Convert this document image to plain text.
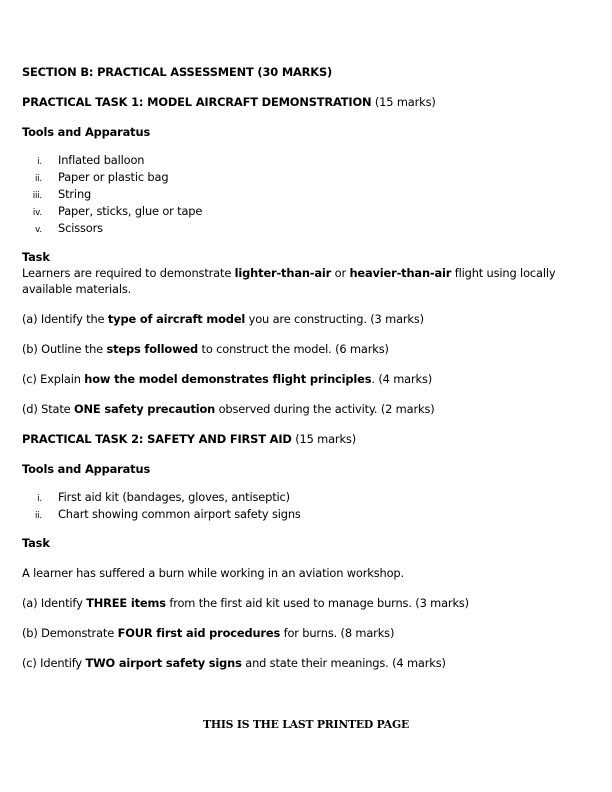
SECTION B: PRACTICAL ASSESSMENT (30 MARKS)

PRACTICAL TASK 1: MODEL AIRCRAFT DEMONSTRATION (15 marks)

Tools and Apparatus

i.	Inflated balloon
ii.	Paper or plastic bag
iii.	String
iv.	Paper, sticks, glue or tape
v.	Scissors

Task

Learners are required to demonstrate lighter-than-air or heavier-than-air flight using locally available materials.

(a) Identify the type of aircraft model you are constructing. (3 marks)

(b) Outline the steps followed to construct the model. (6 marks)

(c) Explain how the model demonstrates flight principles. (4 marks)

(d) State ONE safety precaution observed during the activity. (2 marks)

PRACTICAL TASK 2: SAFETY AND FIRST AID (15 marks)

Tools and Apparatus

i.	First aid kit (bandages, gloves, antiseptic)
ii.	Chart showing common airport safety signs

Task

A learner has suffered a burn while working in an aviation workshop.

(a) Identify THREE items from the first aid kit used to manage burns. (3 marks)

(b) Demonstrate FOUR first aid procedures for burns. (8 marks)

(c) Identify TWO airport safety signs and state their meanings. (4 marks)

THIS IS THE LAST PRINTED PAGE
